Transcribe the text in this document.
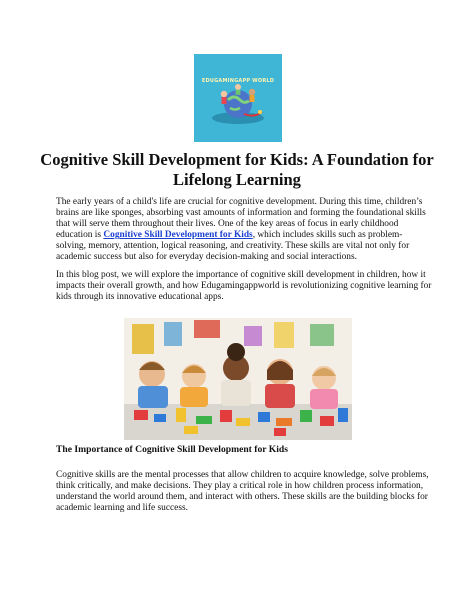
EDUGAMINGAPP WORLD
Cognitive Skill Development for Kids: A Foundation for Lifelong Learning

The early years of a child's life are crucial for cognitive development. During this time, children’s brains are like sponges, absorbing vast amounts of information and forming the foundational skills that will serve them throughout their lives. One of the key areas of focus in early childhood education is Cognitive Skill Development for Kids, which includes skills such as problem-solving, memory, attention, logical reasoning, and creativity. These skills are vital not only for academic success but also for everyday decision-making and social interactions.

In this blog post, we will explore the importance of cognitive skill development in children, how it impacts their overall growth, and how Edugamingappworld is revolutionizing cognitive learning for kids through its innovative educational apps.

The Importance of Cognitive Skill Development for Kids

Cognitive skills are the mental processes that allow children to acquire knowledge, solve problems, think critically, and make decisions. They play a critical role in how children process information, understand the world around them, and interact with others. These skills are the building blocks for academic learning and life success.
